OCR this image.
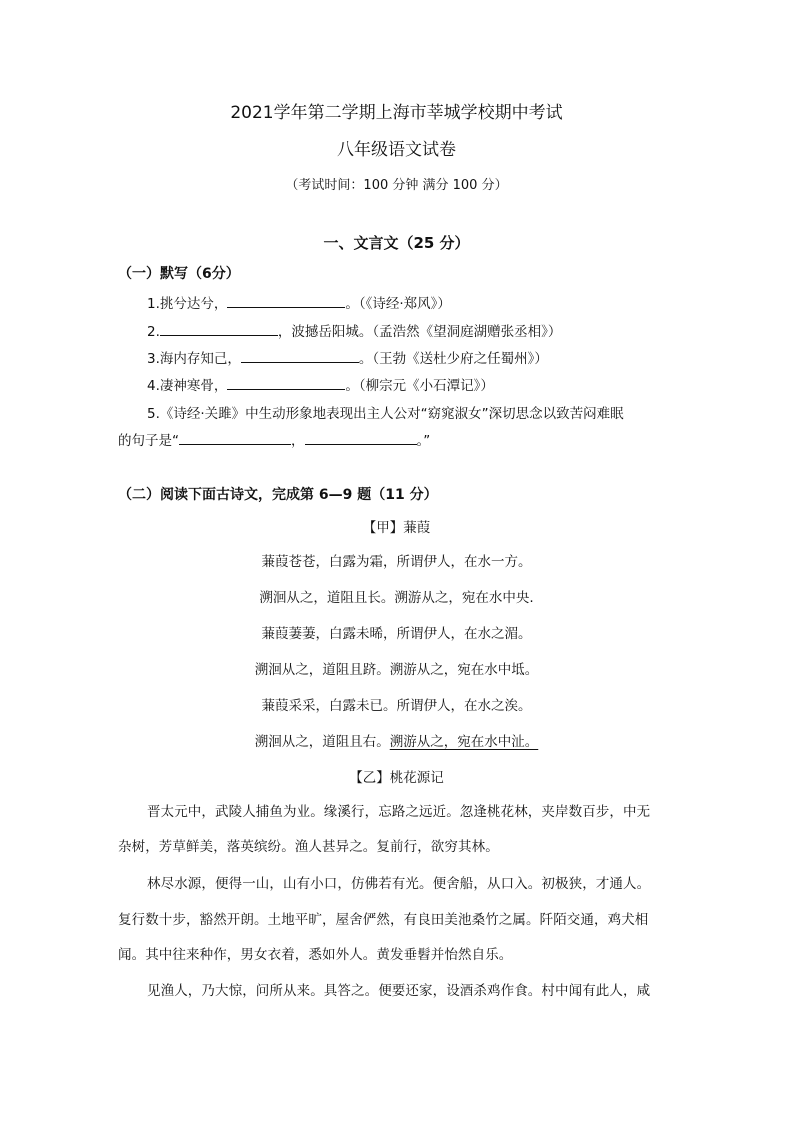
2021学年第二学期上海市莘城学校期中考试
八年级语文试卷
（考试时间：100 分钟 满分 100 分）
一、文言文（25 分）
（一）默写（6分）
1.挑兮达兮，	。（《诗经·郑风》）
2.	，波撼岳阳城。（孟浩然《望洞庭湖赠张丞相》）
3.海内存知己，	。（王勃《送杜少府之任蜀州》）
4.凄神寒骨，	。（柳宗元《小石潭记》）
5.《诗经·关雎》中生动形象地表现出主人公对“窈窕淑女”深切思念以致苦闷难眠
的句子是“	，	。”
（二）阅读下面古诗文，完成第 6—9 题（11 分）
【甲】蒹葭
蒹葭苍苍，白露为霜，所谓伊人，在水一方。
溯洄从之，道阻且长。溯游从之，宛在水中央.
蒹葭萋萋，白露未晞，所谓伊人，在水之湄。
溯洄从之，道阻且跻。溯游从之，宛在水中坻。
蒹葭采采，白露未已。所谓伊人，在水之涘。
溯洄从之，道阻且右。溯游从之，宛在水中沚。
【乙】桃花源记
晋太元中，武陵人捕鱼为业。缘溪行，忘路之远近。忽逢桃花林，夹岸数百步，中无
杂树，芳草鲜美，落英缤纷。渔人甚异之。复前行，欲穷其林。
林尽水源，便得一山，山有小口，仿佛若有光。便舍船，从口入。初极狭，才通人。
复行数十步，豁然开朗。土地平旷，屋舍俨然，有良田美池桑竹之属。阡陌交通，鸡犬相
闻。其中往来种作，男女衣着，悉如外人。黄发垂髫并怡然自乐。
见渔人，乃大惊，问所从来。具答之。便要还家，设酒杀鸡作食。村中闻有此人，咸
